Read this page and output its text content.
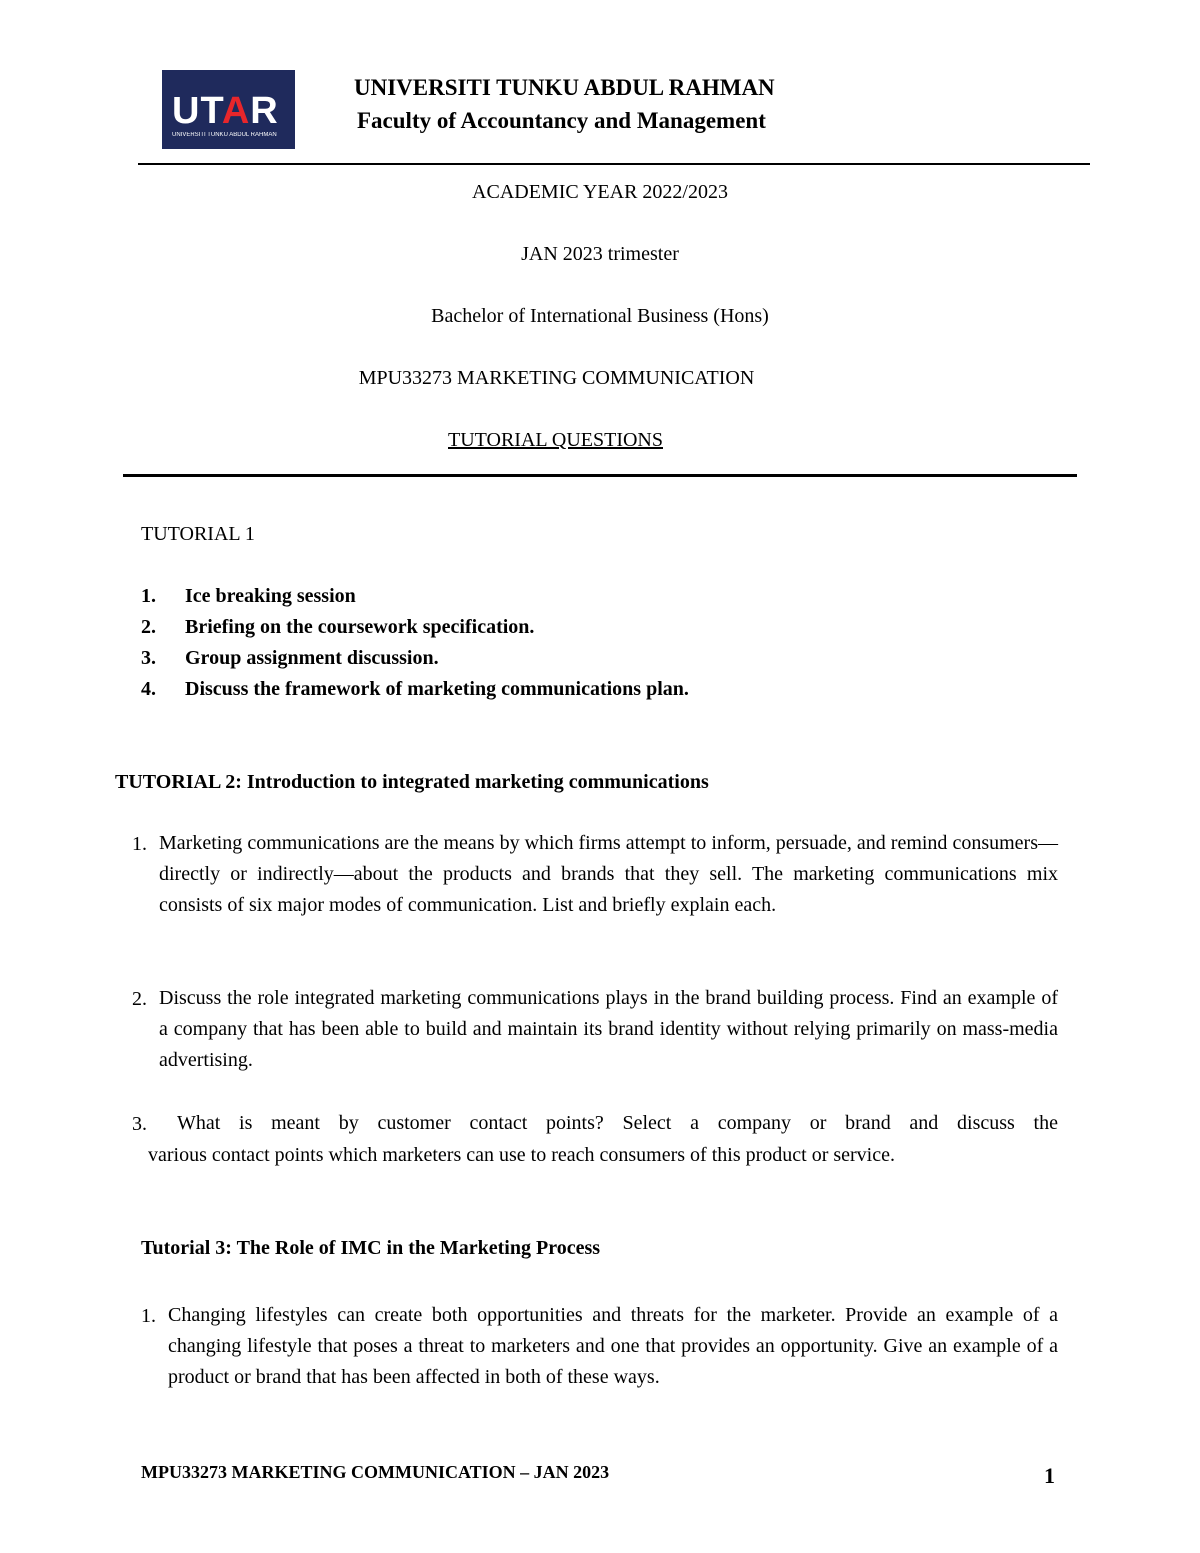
UTAR
UNIVERSITI TUNKU ABDUL RAHMAN
UNIVERSITI TUNKU ABDUL RAHMAN
Faculty of Accountancy and Management
ACADEMIC YEAR 2022/2023
JAN 2023 trimester
Bachelor of International Business (Hons)
MPU33273 MARKETING COMMUNICATION
TUTORIAL QUESTIONS
TUTORIAL 1
1. Ice breaking session
2. Briefing on the coursework specification.
3. Group assignment discussion.
4. Discuss the framework of marketing communications plan.
TUTORIAL 2: Introduction to integrated marketing communications
1. Marketing communications are the means by which firms attempt to inform, persuade, and remind consumers—directly or indirectly—about the products and brands that they sell. The marketing communications mix consists of six major modes of communication. List and briefly explain each.
2. Discuss the role integrated marketing communications plays in the brand building process. Find an example of a company that has been able to build and maintain its brand identity without relying primarily on mass-media advertising.
3. What is meant by customer contact points? Select a company or brand and discuss the
various contact points which marketers can use to reach consumers of this product or service.
Tutorial 3: The Role of IMC in the Marketing Process
1. Changing lifestyles can create both opportunities and threats for the marketer. Provide an example of a changing lifestyle that poses a threat to marketers and one that provides an opportunity. Give an example of a product or brand that has been affected in both of these ways.
MPU33273 MARKETING COMMUNICATION – JAN 2023	1
